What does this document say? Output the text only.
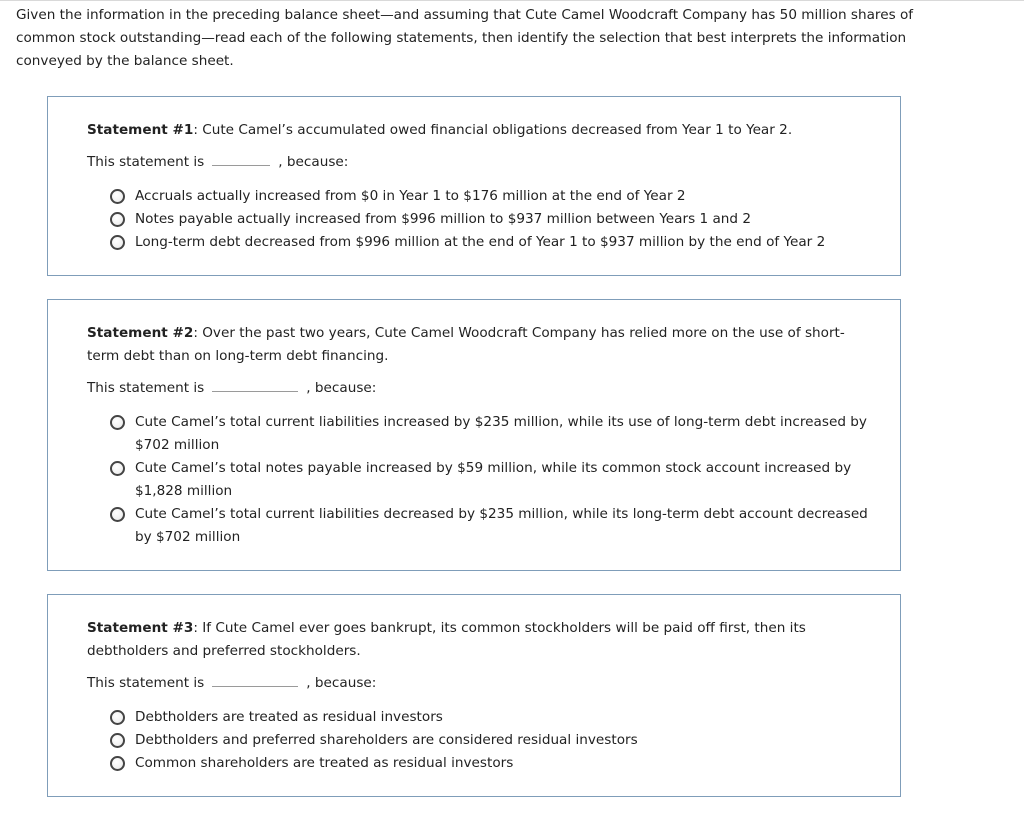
Given the information in the preceding balance sheet—and assuming that Cute Camel Woodcraft Company has 50 million shares of common stock outstanding—read each of the following statements, then identify the selection that best interprets the information conveyed by the balance sheet.

Statement #1: Cute Camel’s accumulated owed financial obligations decreased from Year 1 to Year 2.

This statement is	, because:
Accruals actually increased from $0 in Year 1 to $176 million at the end of Year 2
Notes payable actually increased from $996 million to $937 million between Years 1 and 2
Long-term debt decreased from $996 million at the end of Year 1 to $937 million by the end of Year 2

Statement #2: Over the past two years, Cute Camel Woodcraft Company has relied more on the use of short-term debt than on long-term debt financing.

This statement is	, because:
Cute Camel’s total current liabilities increased by $235 million, while its use of long-term debt increased by $702 million
Cute Camel’s total notes payable increased by $59 million, while its common stock account increased by $1,828 million
Cute Camel’s total current liabilities decreased by $235 million, while its long-term debt account decreased by $702 million

Statement #3: If Cute Camel ever goes bankrupt, its common stockholders will be paid off first, then its debtholders and preferred stockholders.

This statement is	, because:
Debtholders are treated as residual investors
Debtholders and preferred shareholders are considered residual investors
Common shareholders are treated as residual investors
